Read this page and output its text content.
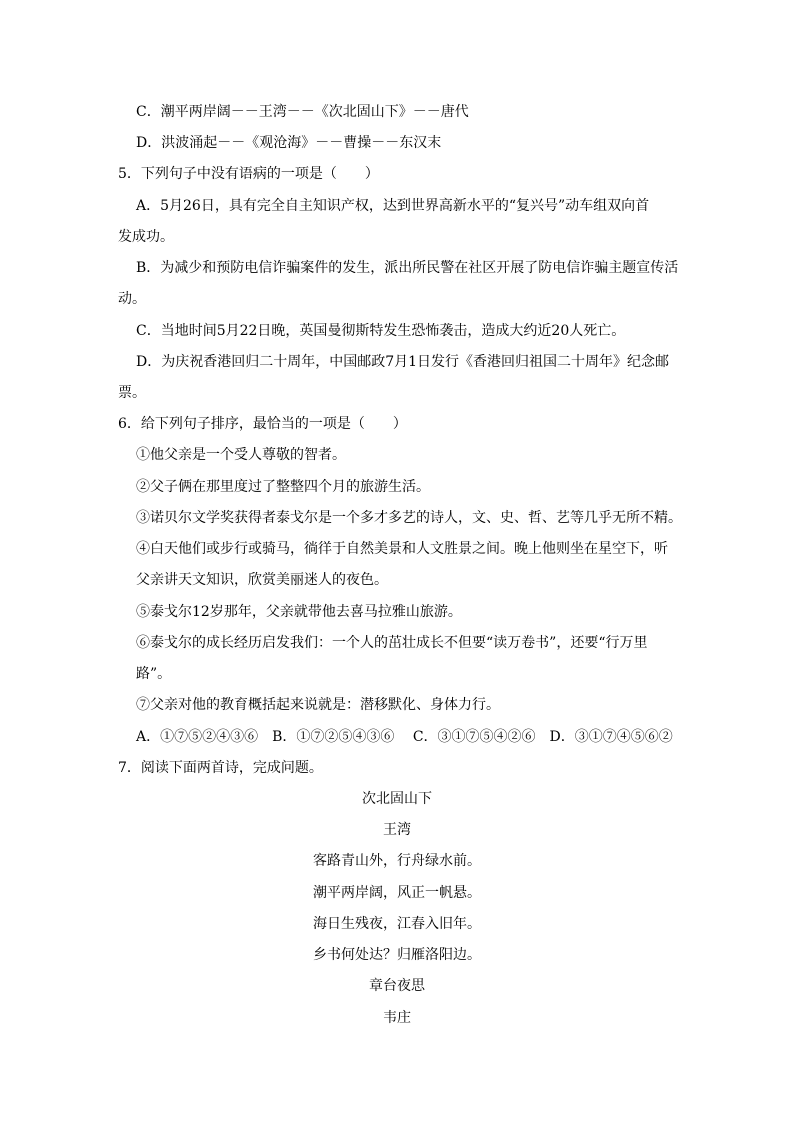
C．潮平两岸阔－－王湾－－《次北固山下》－－唐代
D．洪波涌起－－《观沧海》－－曹操－－东汉末
5．下列句子中没有语病的一项是（　　）
A．5月26日，具有完全自主知识产权，达到世界高新水平的“复兴号”动车组双向首
发成功。
B．为减少和预防电信诈骗案件的发生，派出所民警在社区开展了防电信诈骗主题宣传活
动。
C．当地时间5月22日晚，英国曼彻斯特发生恐怖袭击，造成大约近20人死亡。
D．为庆祝香港回归二十周年，中国邮政7月1日发行《香港回归祖国二十周年》纪念邮
票。
6．给下列句子排序，最恰当的一项是（　　）
①他父亲是一个受人尊敬的智者。
②父子俩在那里度过了整整四个月的旅游生活。
③诺贝尔文学奖获得者泰戈尔是一个多才多艺的诗人，文、史、哲、艺等几乎无所不精。
④白天他们或步行或骑马，徜徉于自然美景和人文胜景之间。晚上他则坐在星空下，听
父亲讲天文知识，欣赏美丽迷人的夜色。
⑤泰戈尔12岁那年，父亲就带他去喜马拉雅山旅游。
⑥泰戈尔的成长经历启发我们：一个人的茁壮成长不但要“读万卷书”，还要“行万里
路”。
⑦父亲对他的教育概括起来说就是：潜移默化、身体力行。
A．①⑦⑤②④③⑥　B．①⑦②⑤④③⑥　 C．③①⑦⑤④②⑥　D．③①⑦④⑤⑥②
7．阅读下面两首诗，完成问题。
次北固山下
王湾
客路青山外，行舟绿水前。
潮平两岸阔，风正一帆悬。
海日生残夜，江春入旧年。
乡书何处达？归雁洛阳边。
章台夜思
韦庄
